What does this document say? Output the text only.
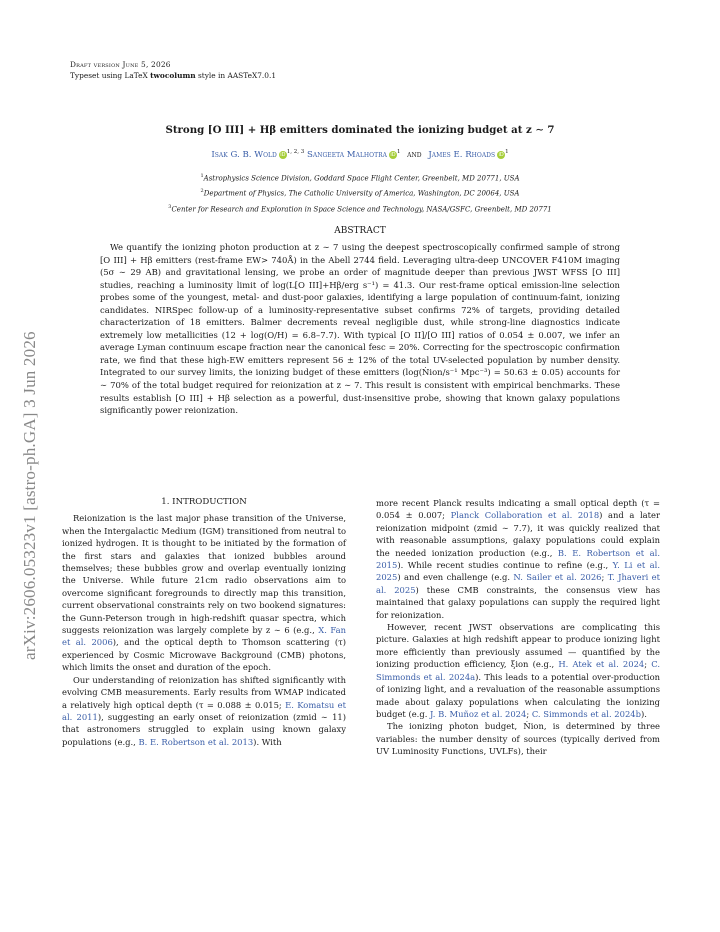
Draft version June 5, 2026
Typeset using LaTeX twocolumn style in AASTeX7.0.1
arXiv:2606.05323v1 [astro-ph.GA] 3 Jun 2026
Strong [O III] + Hβ emitters dominated the ionizing budget at z ∼ 7
Isak G. B. Wold iD$^{1, 2, 3}$ Sangeeta Malhotra $iD^1$ and James E. Rhoads $iD^1$
$^1$Astrophysics Science Division, Goddard Space Flight Center, Greenbelt, MD 20771, USA
$^2$Department of Physics, The Catholic University of America, Washington, DC 20064, USA
$^3$Center for Research and Exploration in Space Science and Technology, NASA/GSFC, Greenbelt, MD 20771
ABSTRACT
We quantify the ionizing photon production at z ∼ 7 using the deepest spectroscopically confirmed sample of strong [O III] + Hβ emitters (rest-frame EW> 740Å) in the Abell 2744 field. Leveraging ultra-deep UNCOVER F410M imaging (5σ ∼ 29 AB) and gravitational lensing, we probe an order of magnitude deeper than previous JWST WFSS [O III] studies, reaching a luminosity limit of log(L[O III]+Hβ/erg s⁻¹) = 41.3. Our rest-frame optical emission-line selection probes some of the youngest, metal- and dust-poor galaxies, identifying a large population of continuum-faint, ionizing candidates. NIRSpec follow-up of a luminosity-representative subset confirms 72% of targets, providing detailed characterization of 18 emitters. Balmer decrements reveal negligible dust, while strong-line diagnostics indicate extremely low metallicities (12 + log(O/H) = 6.8–7.7). With typical [O II]/[O III] ratios of 0.054 ± 0.007, we infer an average Lyman continuum escape fraction near the canonical fesc = 20%. Correcting for the spectroscopic confirmation rate, we find that these high-EW emitters represent 56 ± 12% of the total UV-selected population by number density. Integrated to our survey limits, the ionizing budget of these emitters (log(Ṅion/s⁻¹ Mpc⁻³) = 50.63 ± 0.05) accounts for ∼ 70% of the total budget required for reionization at z ∼ 7. This result is consistent with empirical benchmarks. These results establish [O III] + Hβ selection as a powerful, dust-insensitive probe, showing that known galaxy populations significantly power reionization.
1. INTRODUCTION

Reionization is the last major phase transition of the Universe, when the Intergalactic Medium (IGM) transitioned from neutral to ionized hydrogen. It is thought to be initiated by the formation of the first stars and galaxies that ionized bubbles around themselves; these bubbles grow and overlap eventually ionizing the Universe. While future 21cm radio observations aim to overcome significant foregrounds to directly map this transition, current observational constraints rely on two bookend signatures: the Gunn-Peterson trough in high-redshift quasar spectra, which suggests reionization was largely complete by z ∼ 6 (e.g., X. Fan et al. 2006), and the optical depth to Thomson scattering (τ) experienced by Cosmic Microwave Background (CMB) photons, which limits the onset and duration of the epoch.

Our understanding of reionization has shifted significantly with evolving CMB measurements. Early results from WMAP indicated a relatively high optical depth (τ = 0.088 ± 0.015; E. Komatsu et al. 2011), suggesting an early onset of reionization (zmid ∼ 11) that astronomers struggled to explain using known galaxy populations (e.g., B. E. Robertson et al. 2013). With

more recent Planck results indicating a small optical depth (τ = 0.054 ± 0.007; Planck Collaboration et al. 2018) and a later reionization midpoint (zmid ∼ 7.7), it was quickly realized that with reasonable assumptions, galaxy populations could explain the needed ionization production (e.g., B. E. Robertson et al. 2015). While recent studies continue to refine (e.g., Y. Li et al. 2025) and even challenge (e.g. N. Sailer et al. 2026; T. Jhaveri et al. 2025) these CMB constraints, the consensus view has maintained that galaxy populations can supply the required light for reionization.

However, recent JWST observations are complicating this picture. Galaxies at high redshift appear to produce ionizing light more efficiently than previously assumed — quantified by the ionizing production efficiency, ξion (e.g., H. Atek et al. 2024; C. Simmonds et al. 2024a). This leads to a potential over-production of ionizing light, and a revaluation of the reasonable assumptions made about galaxy populations when calculating the ionizing budget (e.g. J. B. Muñoz et al. 2024; C. Simmonds et al. 2024b).

The ionizing photon budget, Ṅion, is determined by three variables: the number density of sources (typically derived from UV Luminosity Functions, UVLFs), their
